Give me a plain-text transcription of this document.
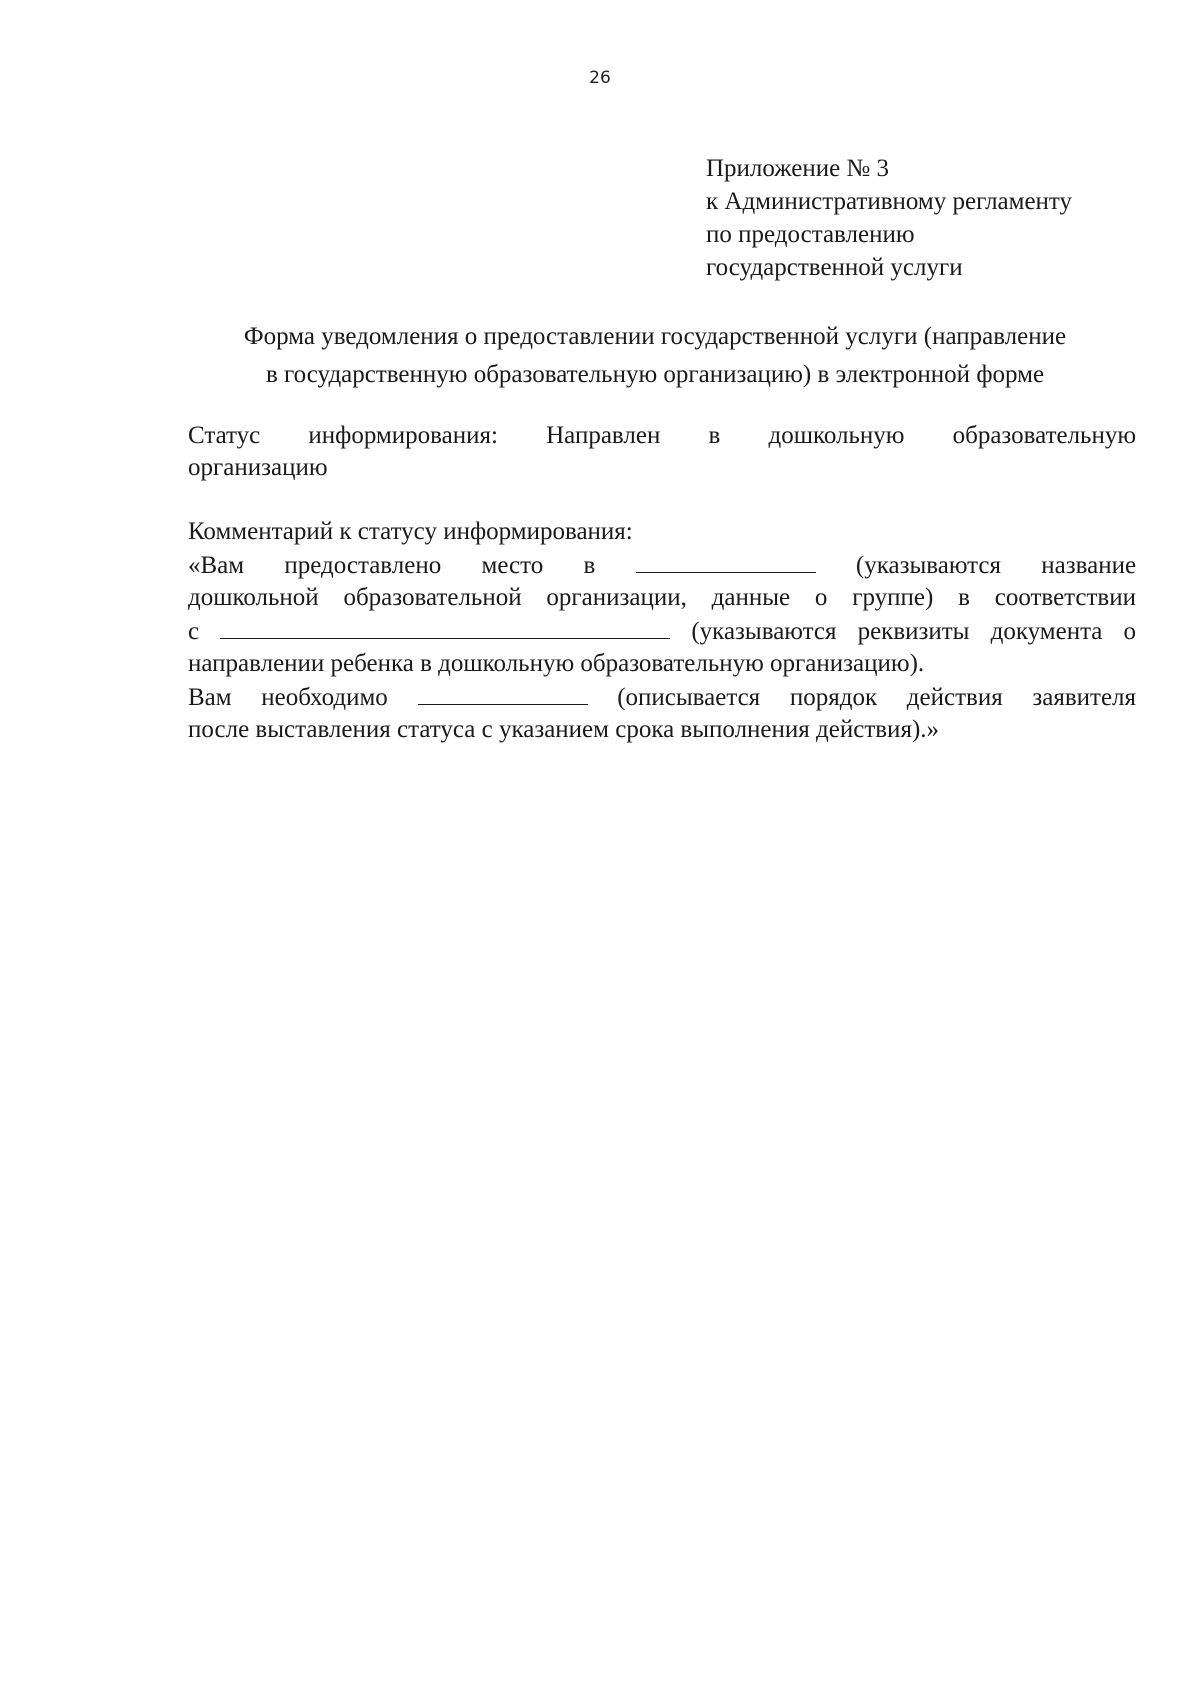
26
Приложение № 3
к Административному регламенту
по предоставлению
государственной услуги
Форма уведомления о предоставлении государственной услуги (направление
в государственную образовательную организацию) в электронной форме
Статус информирования: Направлен в дошкольную образовательную
организацию
Комментарий к статусу информирования:
«Вам предоставлено место в	(указываются название
дошкольной образовательной организации, данные о группе) в соответствии
с	(указываются реквизиты документа о
направлении ребенка в дошкольную образовательную организацию).
Вам необходимо	(описывается порядок действия заявителя
после выставления статуса с указанием срока выполнения действия).»
